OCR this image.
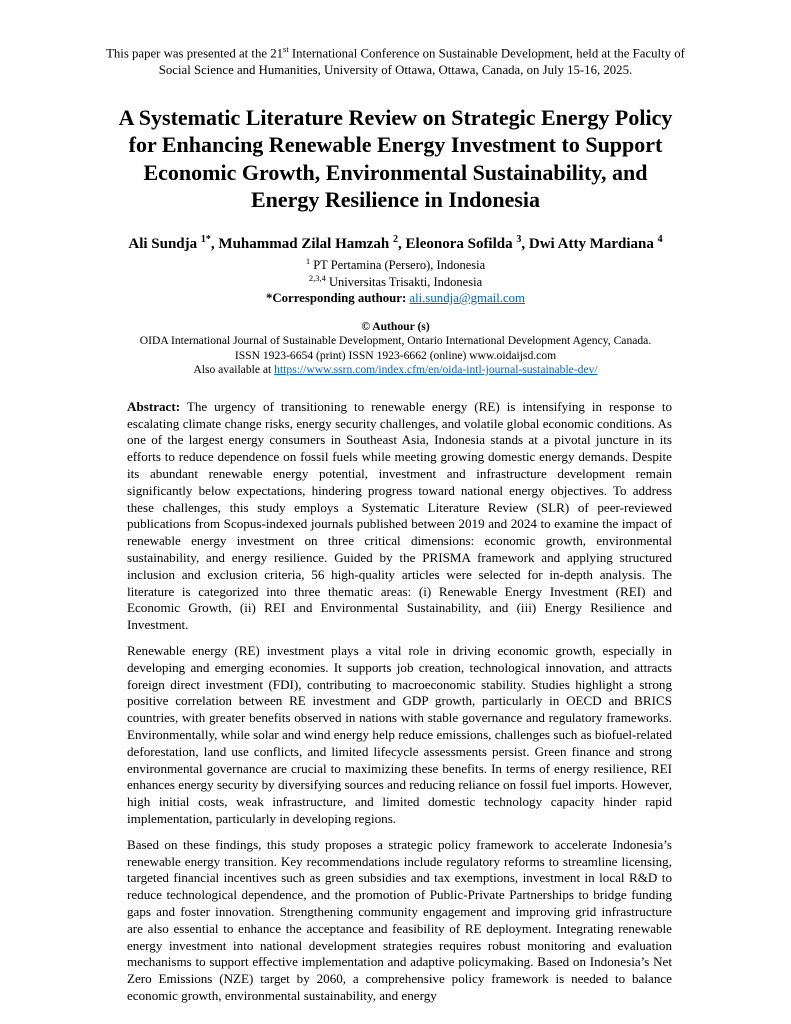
This paper was presented at the 21st International Conference on Sustainable Development, held at the Faculty of Social Science and Humanities, University of Ottawa, Ottawa, Canada, on July 15-16, 2025.
A Systematic Literature Review on Strategic Energy Policy
for Enhancing Renewable Energy Investment to Support
Economic Growth, Environmental Sustainability, and
Energy Resilience in Indonesia
Ali Sundja $^{1*}$, Muhammad Zilal Hamzah $^2$, Eleonora Sofilda $^3$, Dwi Atty Mardiana $^4$
$^1$ PT Pertamina (Persero), Indonesia
$^{2,3,4}$ Universitas Trisakti, Indonesia
*Corresponding authour: ali.sundja@gmail.com
© Authour (s)
OIDA International Journal of Sustainable Development, Ontario International Development Agency, Canada.
ISSN 1923-6654 (print) ISSN 1923-6662 (online) www.oidaijsd.com
Also available at https://www.ssrn.com/index.cfm/en/oida-intl-journal-sustainable-dev/

Abstract: The urgency of transitioning to renewable energy (RE) is intensifying in response to escalating climate change risks, energy security challenges, and volatile global economic conditions. As one of the largest energy consumers in Southeast Asia, Indonesia stands at a pivotal juncture in its efforts to reduce dependence on fossil fuels while meeting growing domestic energy demands. Despite its abundant renewable energy potential, investment and infrastructure development remain significantly below expectations, hindering progress toward national energy objectives. To address these challenges, this study employs a Systematic Literature Review (SLR) of peer-reviewed publications from Scopus-indexed journals published between 2019 and 2024 to examine the impact of renewable energy investment on three critical dimensions: economic growth, environmental sustainability, and energy resilience. Guided by the PRISMA framework and applying structured inclusion and exclusion criteria, 56 high-quality articles were selected for in-depth analysis. The literature is categorized into three thematic areas: (i) Renewable Energy Investment (REI) and Economic Growth, (ii) REI and Environmental Sustainability, and (iii) Energy Resilience and Investment.

Renewable energy (RE) investment plays a vital role in driving economic growth, especially in developing and emerging economies. It supports job creation, technological innovation, and attracts foreign direct investment (FDI), contributing to macroeconomic stability. Studies highlight a strong positive correlation between RE investment and GDP growth, particularly in OECD and BRICS countries, with greater benefits observed in nations with stable governance and regulatory frameworks. Environmentally, while solar and wind energy help reduce emissions, challenges such as biofuel-related deforestation, land use conflicts, and limited lifecycle assessments persist. Green finance and strong environmental governance are crucial to maximizing these benefits. In terms of energy resilience, REI enhances energy security by diversifying sources and reducing reliance on fossil fuel imports. However, high initial costs, weak infrastructure, and limited domestic technology capacity hinder rapid implementation, particularly in developing regions.

Based on these findings, this study proposes a strategic policy framework to accelerate Indonesia’s renewable energy transition. Key recommendations include regulatory reforms to streamline licensing, targeted financial incentives such as green subsidies and tax exemptions, investment in local R&D to reduce technological dependence, and the promotion of Public-Private Partnerships to bridge funding gaps and foster innovation. Strengthening community engagement and improving grid infrastructure are also essential to enhance the acceptance and feasibility of RE deployment. Integrating renewable energy investment into national development strategies requires robust monitoring and evaluation mechanisms to support effective implementation and adaptive policymaking. Based on Indonesia’s Net Zero Emissions (NZE) target by 2060, a comprehensive policy framework is needed to balance economic growth, environmental sustainability, and energy
